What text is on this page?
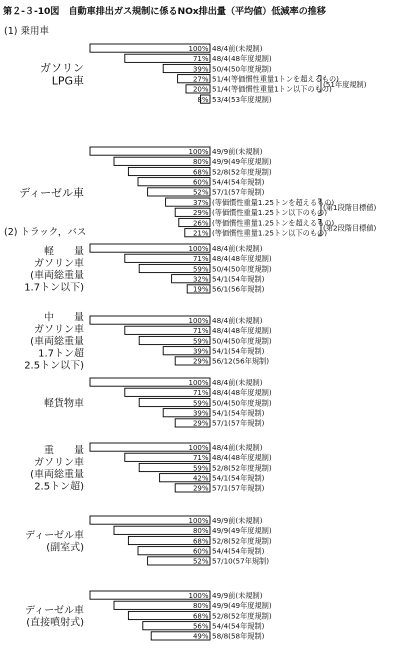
第２-３-10図　自動車排出ガス規制に係るNOx排出量（平均値）低減率の推移
(1) 乗用車
(2) トラック，バス
ガソリン
LPG車
100% 48/4前(未規制)
71% 48/4(48年度規制)
39% 50/4(50年度規制)
27% 51/4(等価慣性重量1トンを超えるもの)
20% 51/4(等価慣性重量1トン以下のもの)
8% 53/4(53年度規制)
(51年度規制)
ディーゼル車
100% 49/9前(未規制)
80% 49/9(49年度規制)
68% 52/8(52年度規制)
60% 54/4(54年規制)
52% 57/1(57年規制)
37% (等価慣性重量1.25トンを超えるもの)
29% (等価慣性重量1.25トン以下のもの)
26% (等価慣性重量1.25トンを超えるもの)
21% (等価慣性重量1.25トン以下のもの)
(第1段階目標値)
(第2段階目標値)
軽　　量
ガソリン車
(車両総重量
1.7トン以下)
100% 48/4前(未規制)
71% 48/4(48年度規制)
59% 50/4(50年度規制)
32% 54/1(54年規制)
19% 56/1(56年規制)
中　　量
ガソリン車
(車両総重量
1.7トン超
2.5トン以下)
100% 48/4前(未規制)
71% 48/4(48年度規制)
59% 50/4(50年度規制)
39% 54/1(54年規制)
29% 56/12(56年規制)
軽貨物車
100% 48/4前(未規制)
71% 48/4(48年度規制)
59% 50/4(50年度規制)
39% 54/1(54年規制)
29% 57/1(57年規制)
重　　量
ガソリン車
(車両総重量
2.5トン超)
100% 48/4前(未規制)
71% 48/4(48年度規制)
59% 52/8(52年度規制)
42% 54/1(54年規制)
29% 57/1(57年規制)
ディーゼル車
(副室式)
100% 49/9前(未規制)
80% 49/9(49年度規制)
68% 52/8(52年度規制)
60% 54/4(54年規制)
52% 57/10(57年規制)
ディーゼル車
(直接噴射式)
100% 49/9前(未規制)
80% 49/9(49年度規制)
68% 52/8(52年度規制)
56% 54/4(54年規制)
49% 58/8(58年規制)
